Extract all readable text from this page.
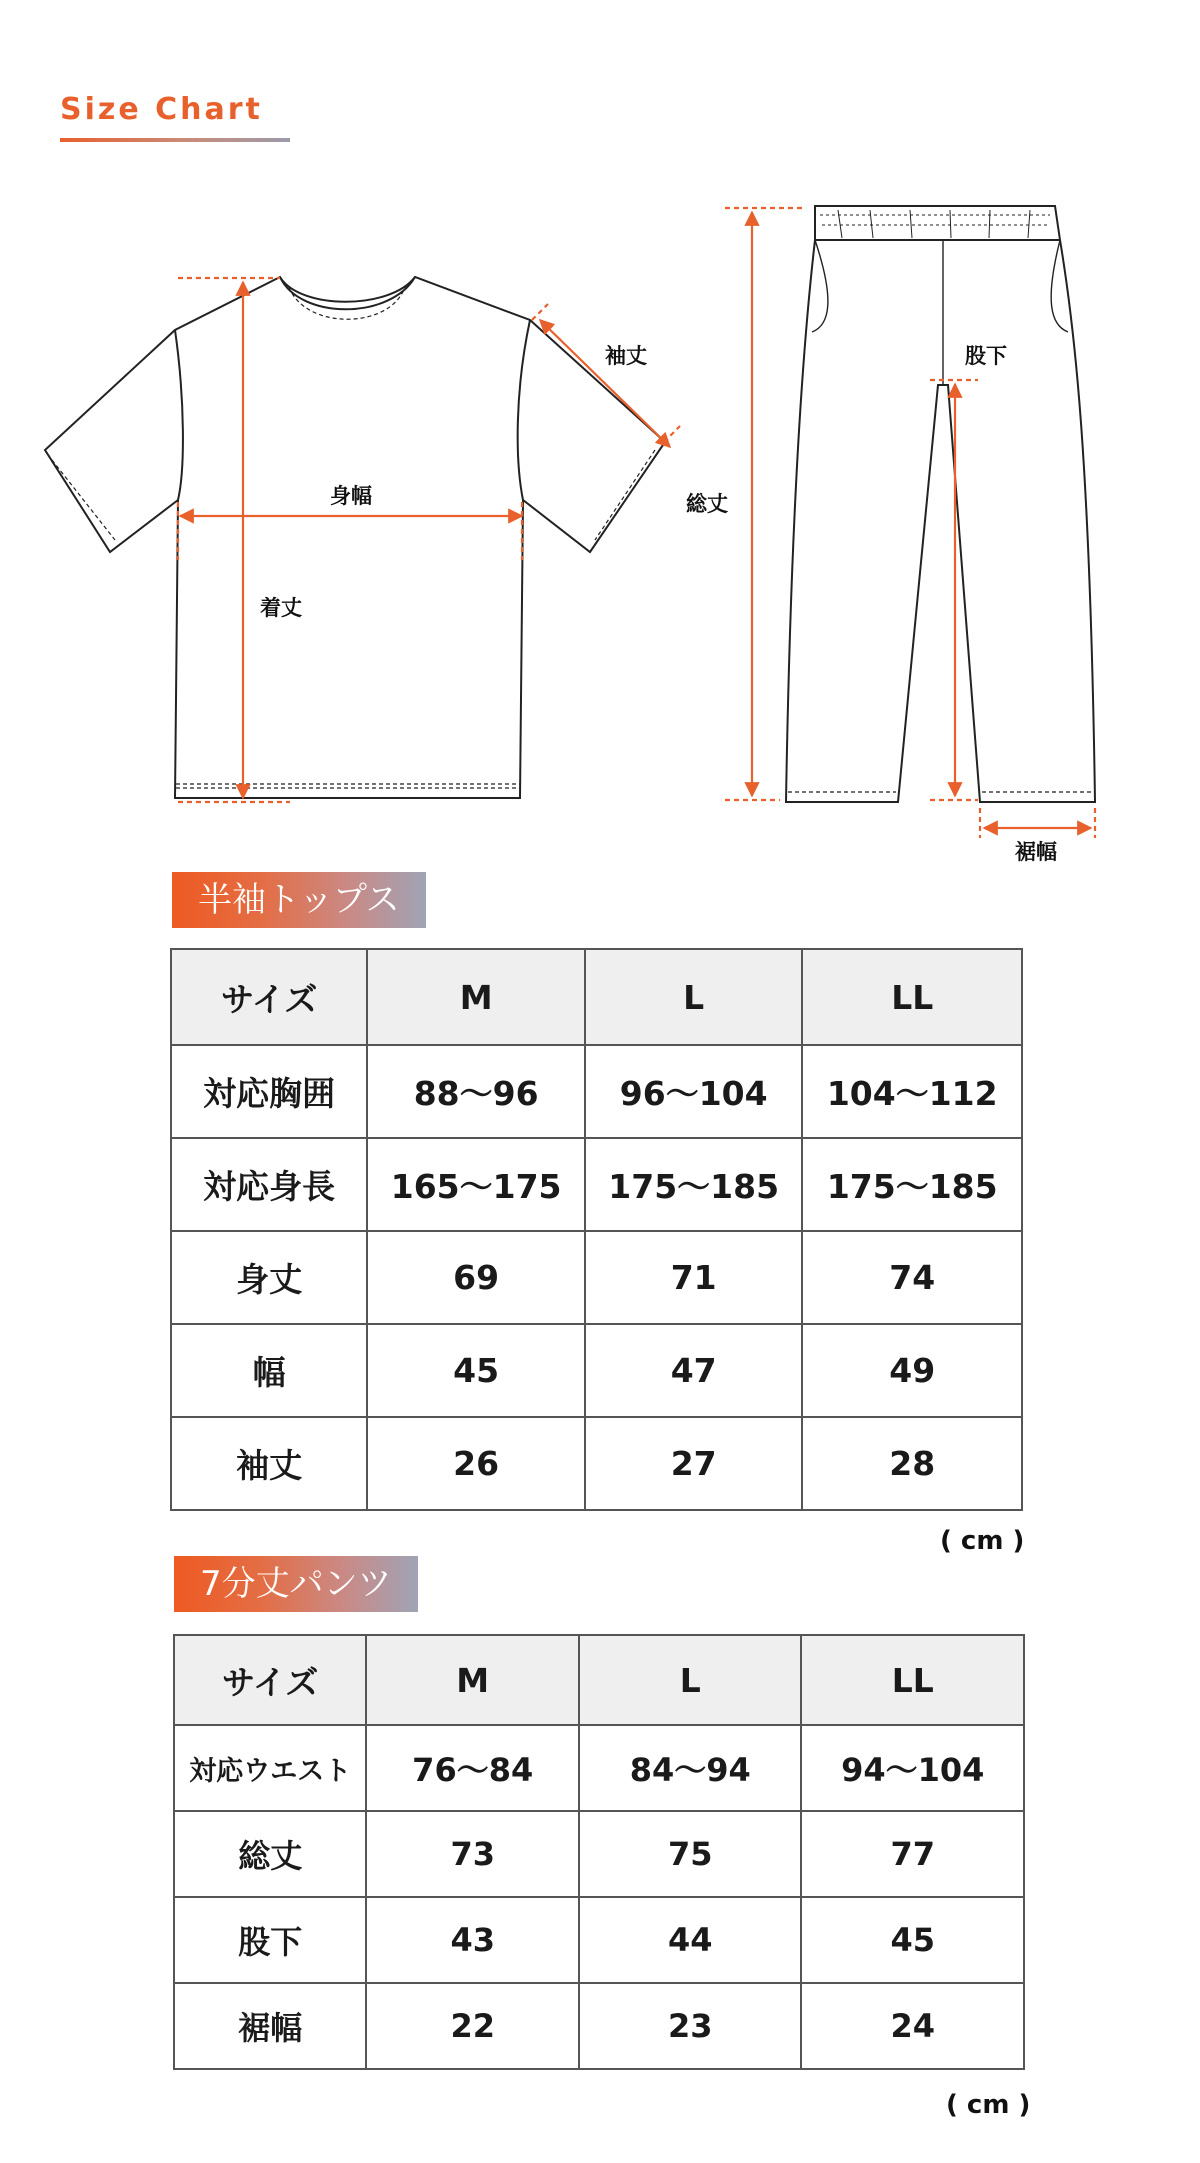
Size Chart
袖丈
身幅
着丈
総丈
股下
裾幅
半袖トップス
サイズ	M	L	LL
対応胸囲	88〜96	96〜104	104〜112
対応身長	165〜175	175〜185	175〜185
身丈	69	71	74
幅	45	47	49
袖丈	26	27	28
( cm )
7分丈パンツ
サイズ	M	L	LL
対応ウエスト	76〜84	84〜94	94〜104
総丈	73	75	77
股下	43	44	45
裾幅	22	23	24
( cm )
